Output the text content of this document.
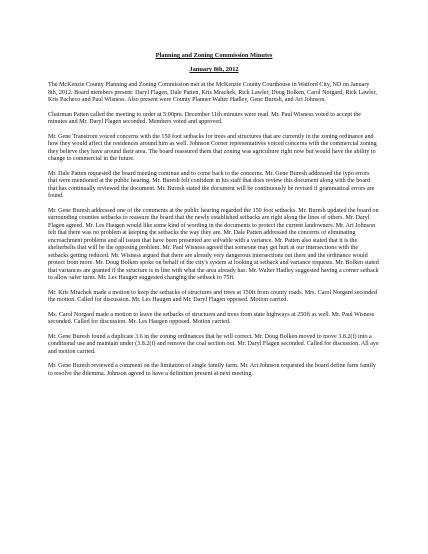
Planning and Zoning Commission Minutes

January 8th, 2012

The McKenzie County Planning and Zoning Commission met at the McKenzie County Courthouse in Watford City, ND on January 8th, 2012. Board members present: Daryl Flagen, Dale Patten, Kris Mrachek, Rick Lawler, Doug Bolken, Carol Norgard, Rick Lawler, Kris Pacheco and Paul Wisness. Also present were County Planner Walter Hadley, Gene Buresh, and Ari Johnson.

Chairman Patten called the meeting to order at 5:00pm. December 11th minutes were read. Mr. Paul Wisness voted to accept the minutes and Mr. Daryl Flagen seconded. Members voted and approved.

Mr. Gene Transtrom voiced concerns with the 150 foot setbacks for trees and structures that are currently in the zoning ordinance and how they would affect the residences around him as well. Johnson Corner representatives voiced concerns with the commercial zoning they believe they have around their area. The board reassured them that zoning was agriculture right now but would have the ability to change to commercial in the future.

Mr. Dale Patten requested the board meeting continue and to come back to the concerns. Mr. Gene Buresh addressed the typo errors that were mentioned at the public hearing. Mr. Buresh felt confident in his staff that does review this document along with the board that has continually reviewed the document. Mr. Buresh stated the document will be continuously be revised if grammatical errors are found.

Mr. Gene Buresh addressed one of the comments at the public hearing regarded the 150 foot setbacks. Mr. Buresh updated the board on surrounding counties setbacks to reassure the board that the newly established setbacks are right along the lines of others. Mr. Daryl Flagen agreed. Mr. Les Haugen would like some kind of wording in the documents to protect the current landowners. Mr. Ari Johnson felt that there was no problem at keeping the setbacks the way they are. Mr. Dale Patten addressed the concerns of eliminating encroachment problems and all issues that have been presented are solvable with a variance. Mr. Patten also stated that it is the shelterbelts that will be the opposing problem. Mr. Paul Wisness agreed that someone may get hurt at our intersections with the setbacks getting reduced. Mr. Wisness argued that there are already very dangerous intersections out there and the ordinance would protect from more. Mr. Doug Bolken spoke on behalf of the city's system at looking at setback and variance requests. Mr. Bolken stated that variances are granted if the structure is in line with what the area already has. Mr. Walter Hadley suggested having a corner setback to allow safer turns. Mr. Les Haugen suggested changing the setback to 75ft.

Mr. Kris Mrachek made a motion to keep the setbacks of structures and trees at 150ft from county roads. Mrs. Carol Norgard seconded the motion. Called for discussion. Mr. Les Haugen and Mr. Daryl Flagen opposed. Motion carried.

Ms. Carol Norgard made a motion to leave the setbacks of structures and trees from state highways at 250ft as well. Mr. Paul Wisness seconded. Called for discussion. Mr. Les Haugen opposed. Motion carried.

Mr. Gene Buresh found a duplicate 3.6 in the zoning ordinances that he will correct. Mr. Doug Bolken moved to move 3.8.2(f) into a conditional use and maintain under (3.8.2(f) and remove the coal section out. Mr. Daryl Flagen seconded. Called for discussion. All aye and motion carried.

Mr. Gene Buresh reviewed a comment on the limitation of single family farm. Mr. Ari Johnson requested the board define farm family to resolve the dilemma. Johnson agreed to have a definition present at next meeting.
